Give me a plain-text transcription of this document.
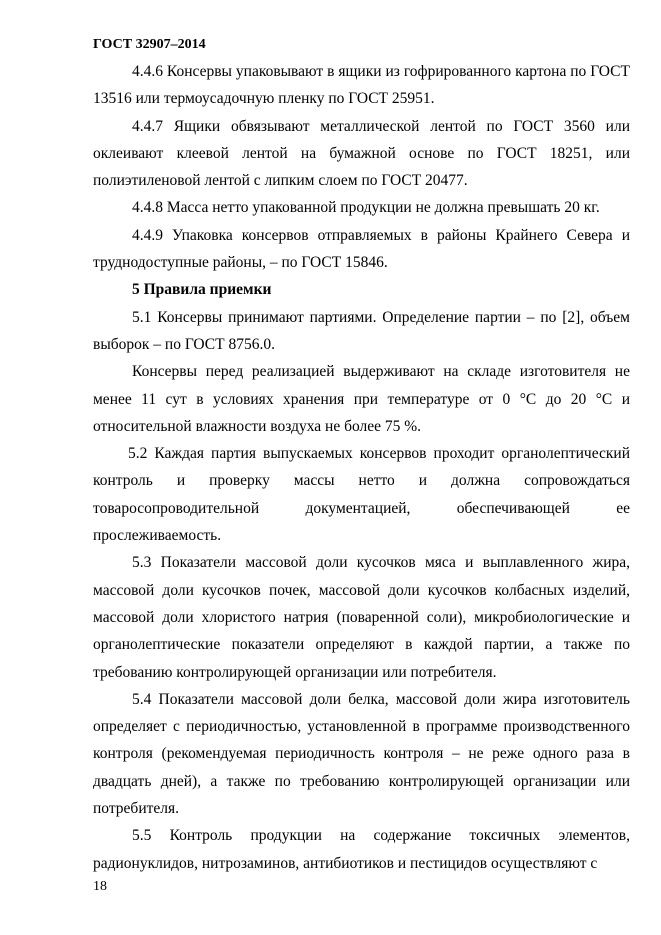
ГОСТ 32907–2014

4.4.6 Консервы упаковывают в ящики из гофрированного картона по ГОСТ 13516 или термоусадочную пленку по ГОСТ 25951.

4.4.7 Ящики обвязывают металлической лентой по ГОСТ 3560 или оклеивают клеевой лентой на бумажной основе по ГОСТ 18251, или полиэтиленовой лентой с липким слоем по ГОСТ 20477.

4.4.8 Масса нетто упакованной продукции не должна превышать 20 кг.

4.4.9 Упаковка консервов отправляемых в районы Крайнего Севера и труднодоступные районы, – по ГОСТ 15846.

5 Правила приемки

5.1 Консервы принимают партиями. Определение партии – по [2], объем выборок – по ГОСТ 8756.0.

Консервы перед реализацией выдерживают на складе изготовителя не менее 11 сут в условиях хранения при температуре от 0 °С до 20 °С и относительной влажности воздуха не более 75 %.

5.2 Каждая партия выпускаемых консервов проходит органолептический контроль и проверку массы нетто и должна сопровождаться товаросопроводительной документацией, обеспечивающей ее прослеживаемость.

5.3 Показатели массовой доли кусочков мяса и выплавленного жира, массовой доли кусочков почек, массовой доли кусочков колбасных изделий, массовой доли хлористого натрия (поваренной соли), микробиологические и органолептические показатели определяют в каждой партии, а также по требованию контролирующей организации или потребителя.

5.4 Показатели массовой доли белка, массовой доли жира изготовитель определяет с периодичностью, установленной в программе производственного контроля (рекомендуемая периодичность контроля – не реже одного раза в двадцать дней), а также по требованию контролирующей организации или потребителя.

5.5 Контроль продукции на содержание токсичных элементов, радионуклидов, нитрозаминов, антибиотиков и пестицидов осуществляют с

18
